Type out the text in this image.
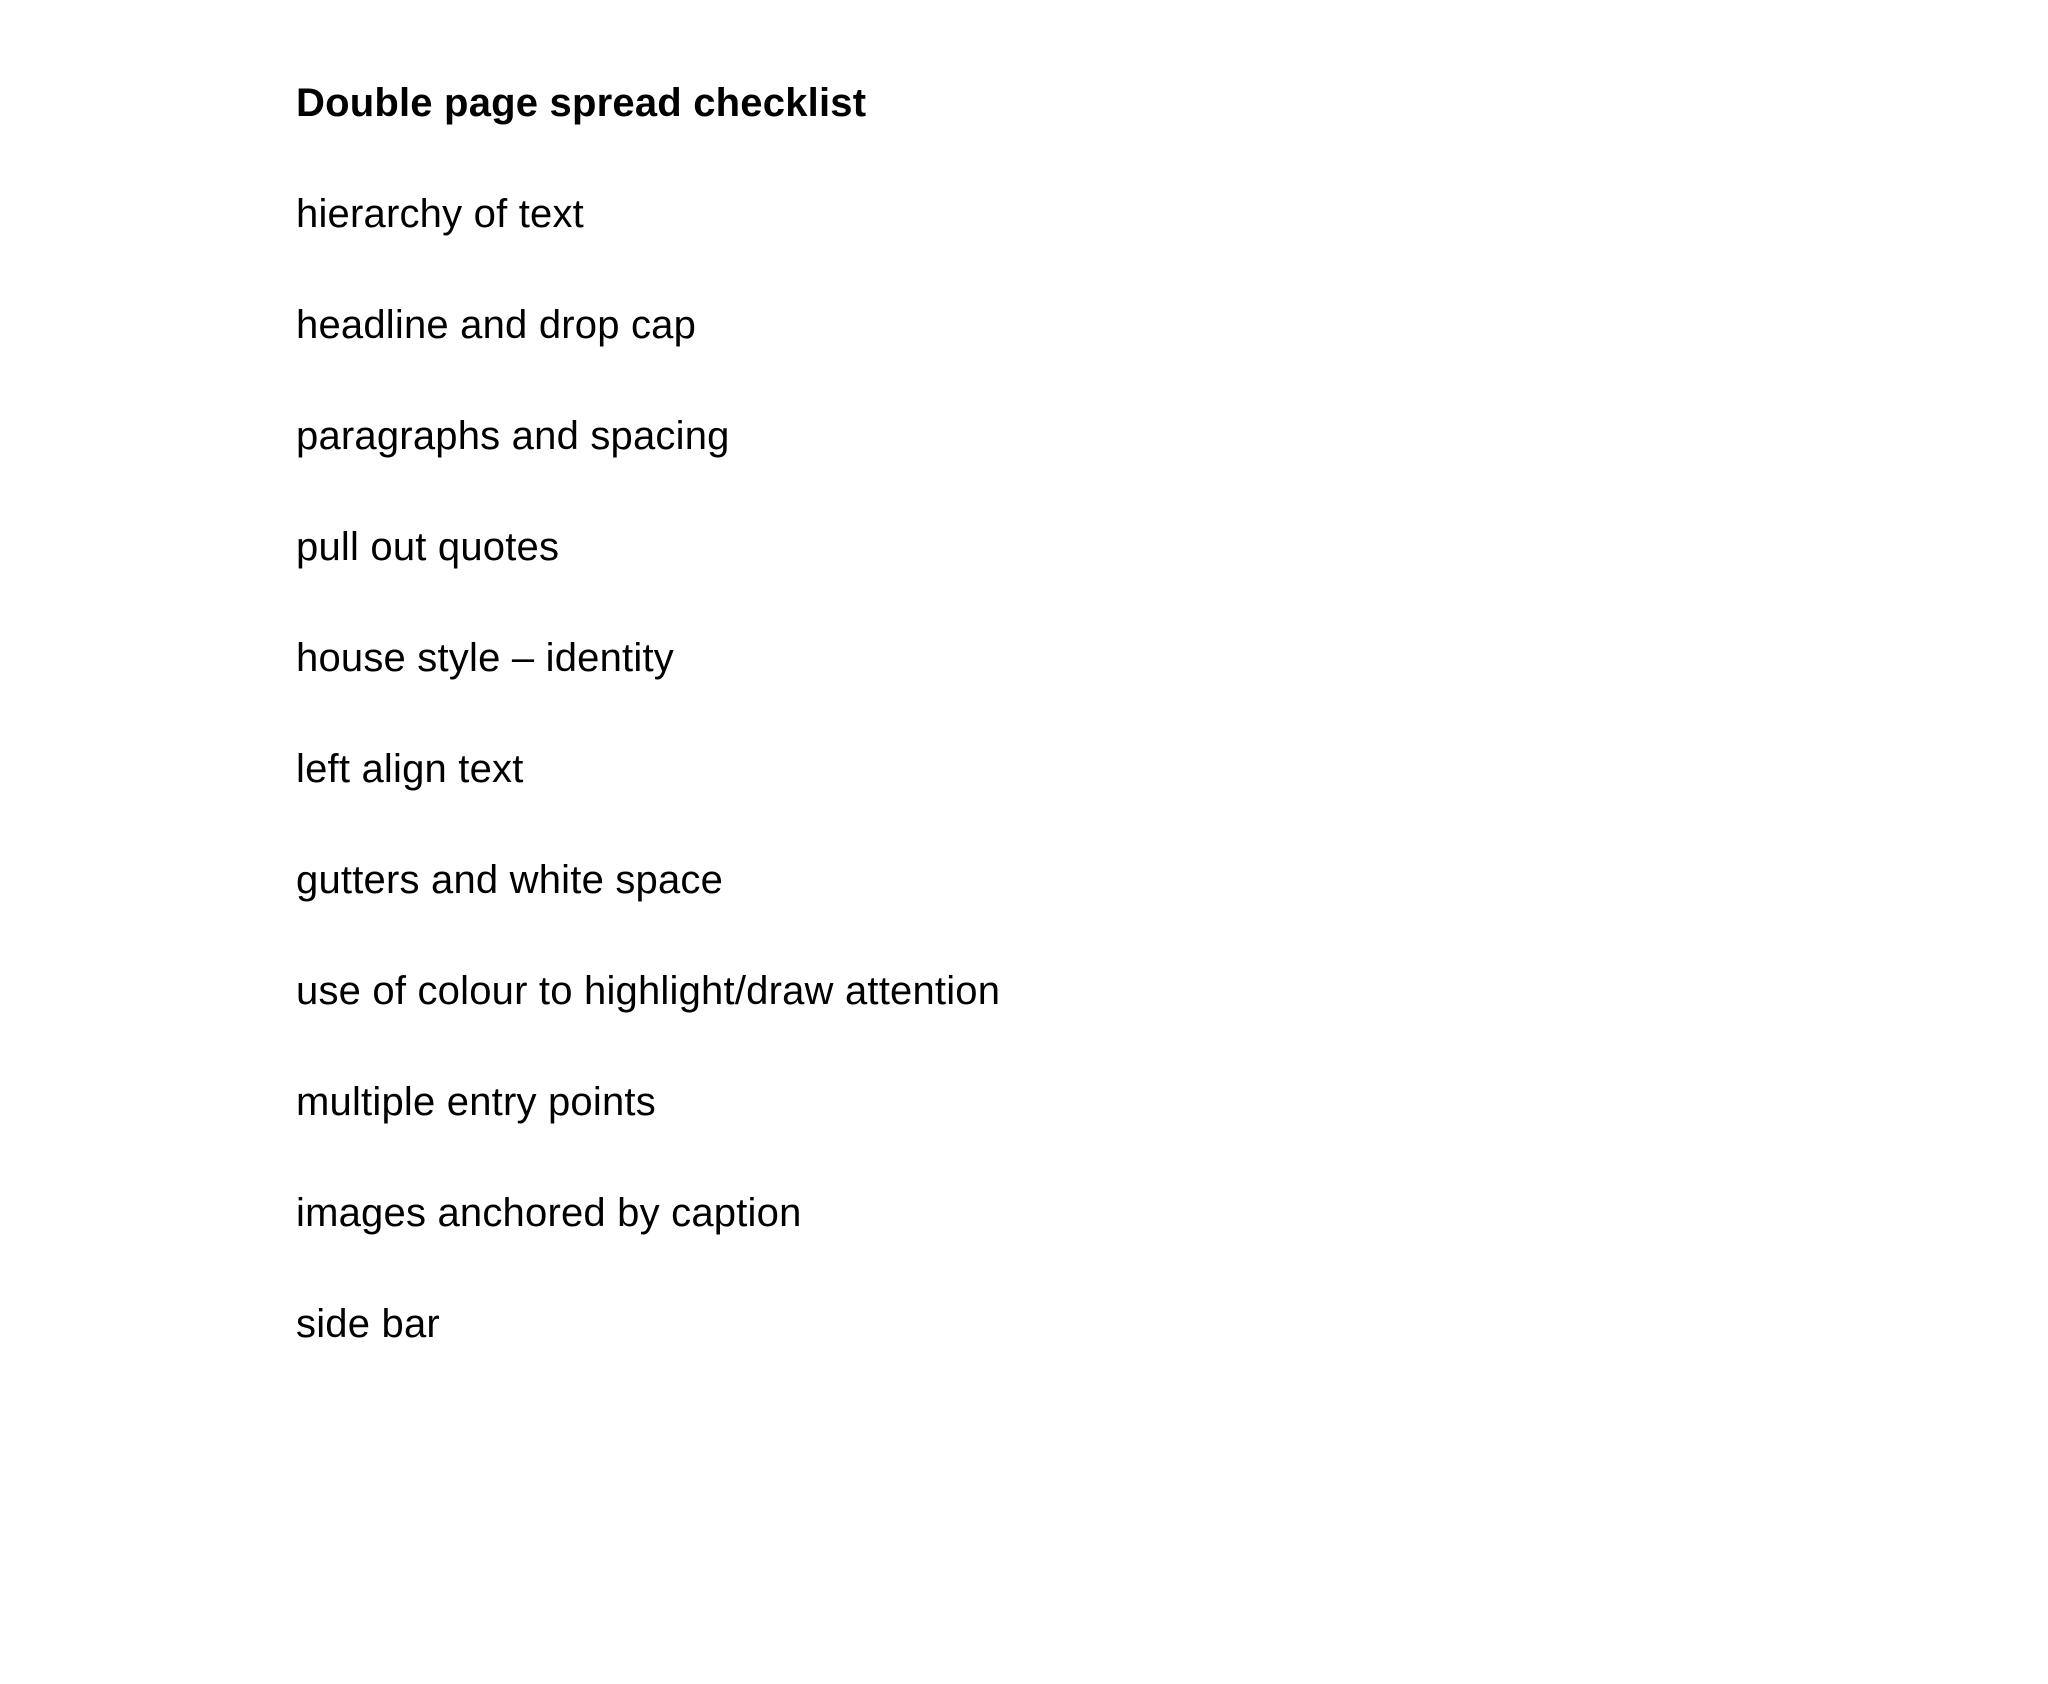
Double page spread checklist
hierarchy of text
headline and drop cap
paragraphs and spacing
pull out quotes
house style – identity
left align text
gutters and white space
use of colour to highlight/draw attention
multiple entry points
images anchored by caption
side bar
